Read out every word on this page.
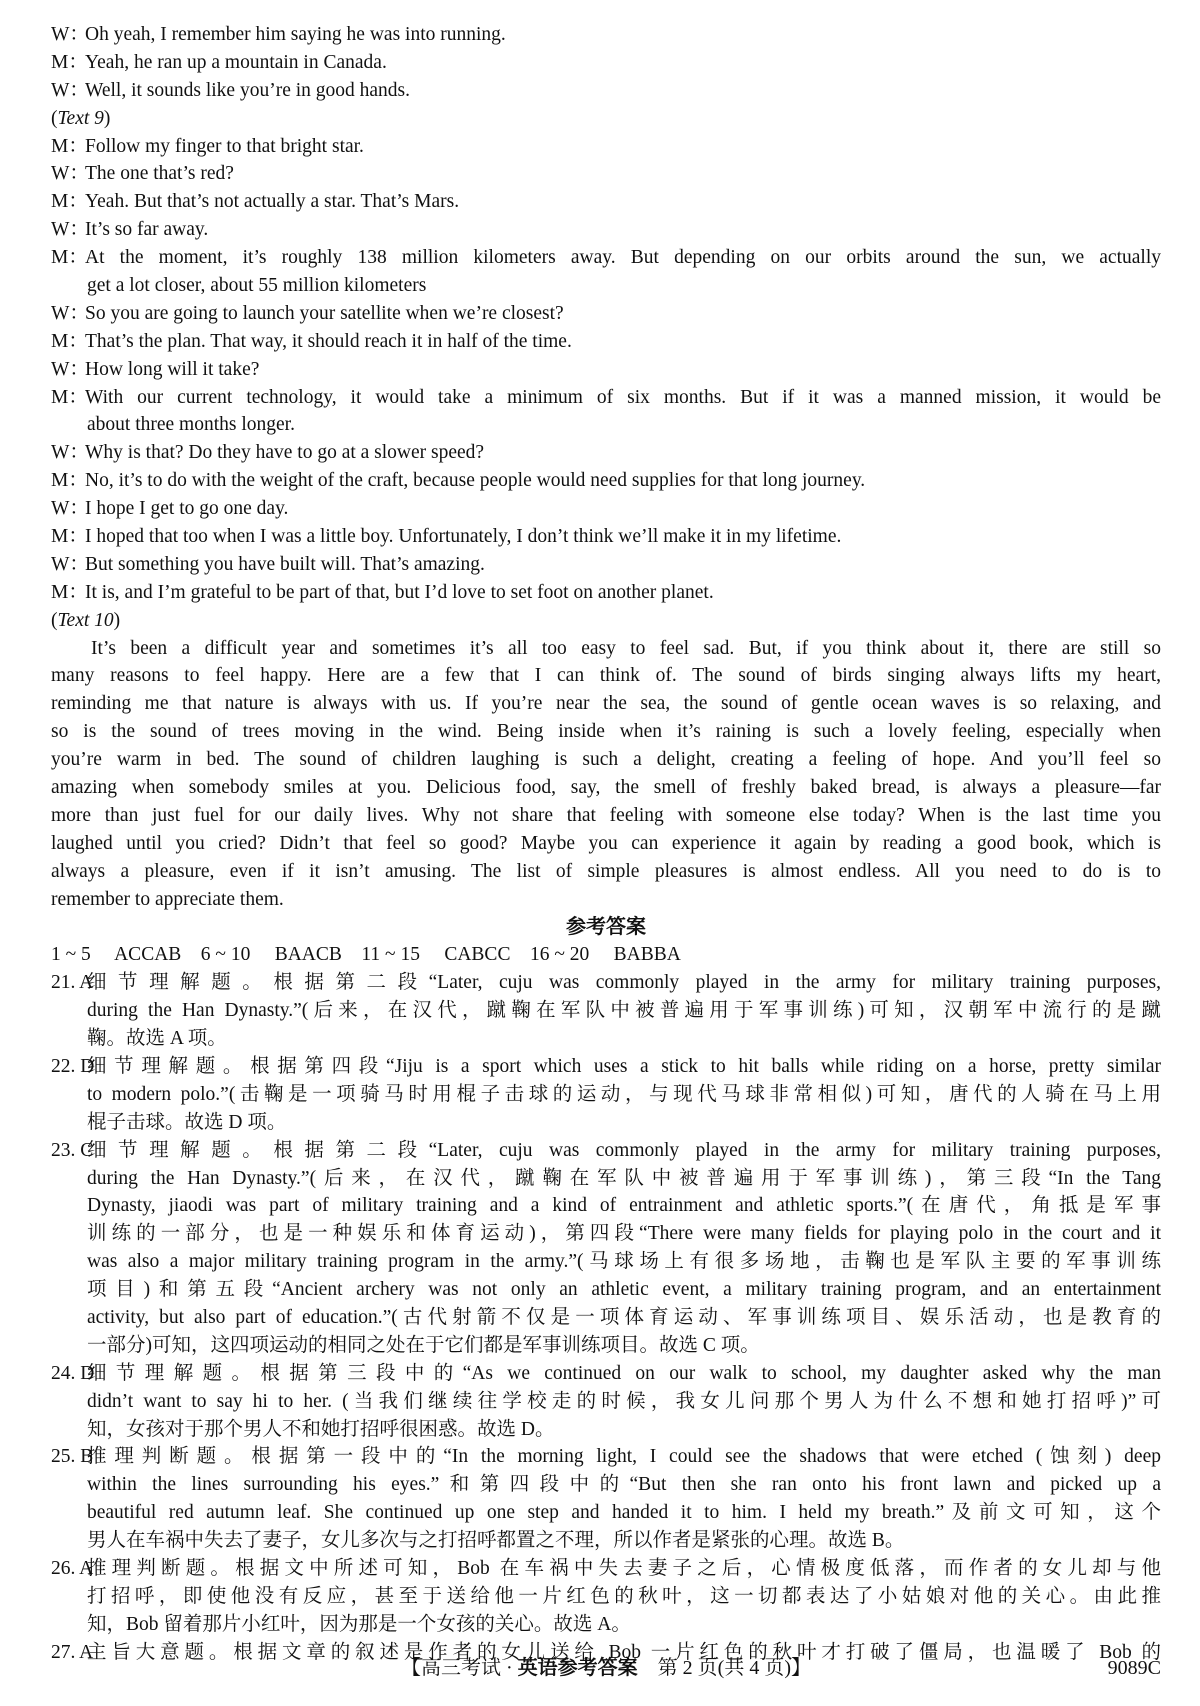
W：
Oh yeah, I remember him saying he was into running.
M：
Yeah, he ran up a mountain in Canada.
W：
Well, it sounds like you’re in good hands.
(Text 9)
M：
Follow my finger to that bright star.
W：
The one that’s red?
M：
Yeah. But that’s not actually a star. That’s Mars.
W：
It’s so far away.
M：
At the moment, it’s roughly 138 million kilometers away. But depending on our orbits around the sun, we actually
get a lot closer, about 55 million kilometers
W：
So you are going to launch your satellite when we’re closest?
M：
That’s the plan. That way, it should reach it in half of the time.
W：
How long will it take?
M：
With our current technology, it would take a minimum of six months. But if it was a manned mission, it would be
about three months longer.
W：
Why is that? Do they have to go at a slower speed?
M：
No, it’s to do with the weight of the craft, because people would need supplies for that long journey.
W：
I hope I get to go one day.
M：
I hoped that too when I was a little boy. Unfortunately, I don’t think we’ll make it in my lifetime.
W：
But something you have built will. That’s amazing.
M：
It is, and I’m grateful to be part of that, but I’d love to set foot on another planet.
(Text 10)
It’s been a difficult year and sometimes it’s all too easy to feel sad. But, if you think about it, there are still so
many reasons to feel happy. Here are a few that I can think of. The sound of birds singing always lifts my heart,
reminding me that nature is always with us. If you’re near the sea, the sound of gentle ocean waves is so relaxing, and
so is the sound of trees moving in the wind. Being inside when it’s raining is such a lovely feeling, especially when
you’re warm in bed. The sound of children laughing is such a delight, creating a feeling of hope. And you’ll feel so
amazing when somebody smiles at you. Delicious food, say, the smell of freshly baked bread, is always a pleasure—far
more than just fuel for our daily lives. Why not share that feeling with someone else today? When is the last time you
laughed until you cried? Didn’t that feel so good? Maybe you can experience it again by reading a good book, which is
always a pleasure, even if it isn’t amusing. The list of simple pleasures is almost endless. All you need to do is to
remember to appreciate them.
参考答案
1 ~ 5　 ACCAB　6 ~ 10　 BAACB　11 ~ 15　 CABCC　16 ~ 20　 BABBA
21. A
细节理解题。根据第二段“Later, cuju was commonly played in the army for military training purposes,
during the Han Dynasty.”(后来，在汉代，蹴鞠在军队中被普遍用于军事训练)可知，汉朝军中流行的是蹴
鞠。故选 A 项。
22. D
细节理解题。根据第四段“Jiju is a sport which uses a stick to hit balls while riding on a horse, pretty similar
to modern polo.”(击鞠是一项骑马时用棍子击球的运动，与现代马球非常相似)可知，唐代的人骑在马上用
棍子击球。故选 D 项。
23. C
细节理解题。根据第二段“Later, cuju was commonly played in the army for military training purposes,
during the Han Dynasty.”(后来，在汉代，蹴鞠在军队中被普遍用于军事训练)，第三段“In the Tang
Dynasty, jiaodi was part of military training and a kind of entrainment and athletic sports.”(在唐代，角抵是军事
训练的一部分，也是一种娱乐和体育运动)，第四段“There were many fields for playing polo in the court and it
was also a major military training program in the army.”(马球场上有很多场地，击鞠也是军队主要的军事训练
项目)和第五段“Ancient archery was not only an athletic event, a military training program, and an entertainment
activity, but also part of education.”(古代射箭不仅是一项体育运动、军事训练项目、娱乐活动，也是教育的
一部分)可知，这四项运动的相同之处在于它们都是军事训练项目。故选 C 项。
24. D
细节理解题。根据第三段中的“As we continued on our walk to school, my daughter asked why the man
didn’t want to say hi to her. (当我们继续往学校走的时候，我女儿问那个男人为什么不想和她打招呼)”可
知，女孩对于那个男人不和她打招呼很困惑。故选 D。
25. B
推理判断题。根据第一段中的“In the morning light, I could see the shadows that were etched (蚀刻) deep
within the lines surrounding his eyes.”和第四段中的“But then she ran onto his front lawn and picked up a
beautiful red autumn leaf. She continued up one step and handed it to him. I held my breath.”及前文可知，这个
男人在车祸中失去了妻子，女儿多次与之打招呼都置之不理，所以作者是紧张的心理。故选 B。
26. A
推理判断题。根据文中所述可知，Bob 在车祸中失去妻子之后，心情极度低落，而作者的女儿却与他
打招呼，即使他没有反应，甚至于送给他一片红色的秋叶，这一切都表达了小姑娘对他的关心。由此推
知，Bob 留着那片小红叶，因为那是一个女孩的关心。故选 A。
27. A
主旨大意题。根据文章的叙述是作者的女儿送给 Bob 一片红色的秋叶才打破了僵局，也温暖了 Bob 的
【高三考试 · 英语参考答案　第 2 页(共 4 页)】	9089C
